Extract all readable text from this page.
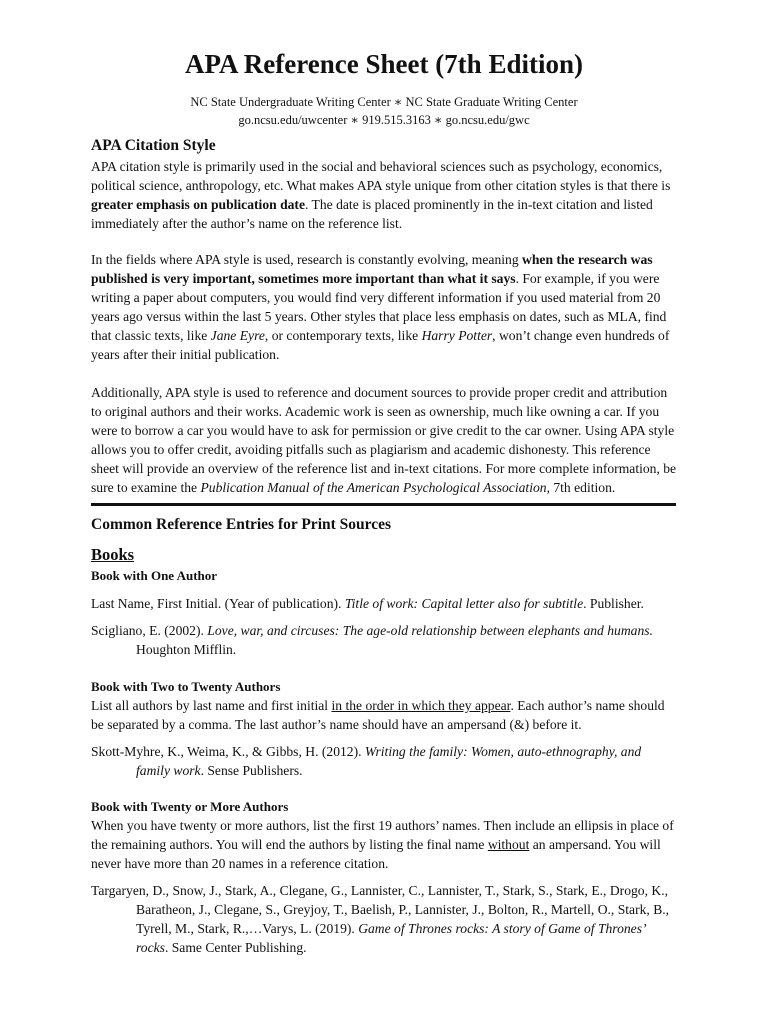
APA Reference Sheet (7th Edition)
NC State Undergraduate Writing Center ∗ NC State Graduate Writing Center
go.ncsu.edu/uwcenter ∗ 919.515.3163 ∗ go.ncsu.edu/gwc
APA Citation Style

APA citation style is primarily used in the social and behavioral sciences such as psychology, economics, political science, anthropology, etc. What makes APA style unique from other citation styles is that there is greater emphasis on publication date. The date is placed prominently in the in-text citation and listed immediately after the author’s name on the reference list.

In the fields where APA style is used, research is constantly evolving, meaning when the research was published is very important, sometimes more important than what it says. For example, if you were writing a paper about computers, you would find very different information if you used material from 20 years ago versus within the last 5 years. Other styles that place less emphasis on dates, such as MLA, find that classic texts, like Jane Eyre, or contemporary texts, like Harry Potter, won’t change even hundreds of years after their initial publication.

Additionally, APA style is used to reference and document sources to provide proper credit and attribution to original authors and their works. Academic work is seen as ownership, much like owning a car. If you were to borrow a car you would have to ask for permission or give credit to the car owner. Using APA style allows you to offer credit, avoiding pitfalls such as plagiarism and academic dishonesty. This reference sheet will provide an overview of the reference list and in-text citations. For more complete information, be sure to examine the Publication Manual of the American Psychological Association, 7th edition.

Common Reference Entries for Print Sources
Books
Book with One Author

Last Name, First Initial. (Year of publication). Title of work: Capital letter also for subtitle. Publisher.

Scigliano, E. (2002). Love, war, and circuses: The age-old relationship between elephants and humans. Houghton Mifflin.

Book with Two to Twenty Authors

List all authors by last name and first initial in the order in which they appear. Each author’s name should be separated by a comma. The last author’s name should have an ampersand (&) before it.

Skott-Myhre, K., Weima, K., & Gibbs, H. (2012). Writing the family: Women, auto-ethnography, and family work. Sense Publishers.

Book with Twenty or More Authors

When you have twenty or more authors, list the first 19 authors’ names. Then include an ellipsis in place of the remaining authors. You will end the authors by listing the final name without an ampersand. You will never have more than 20 names in a reference citation.

Targaryen, D., Snow, J., Stark, A., Clegane, G., Lannister, C., Lannister, T., Stark, S., Stark, E., Drogo, K., Baratheon, J., Clegane, S., Greyjoy, T., Baelish, P., Lannister, J., Bolton, R., Martell, O., Stark, B., Tyrell, M., Stark, R.,…Varys, L. (2019). Game of Thrones rocks: A story of Game of Thrones’ rocks. Same Center Publishing.
